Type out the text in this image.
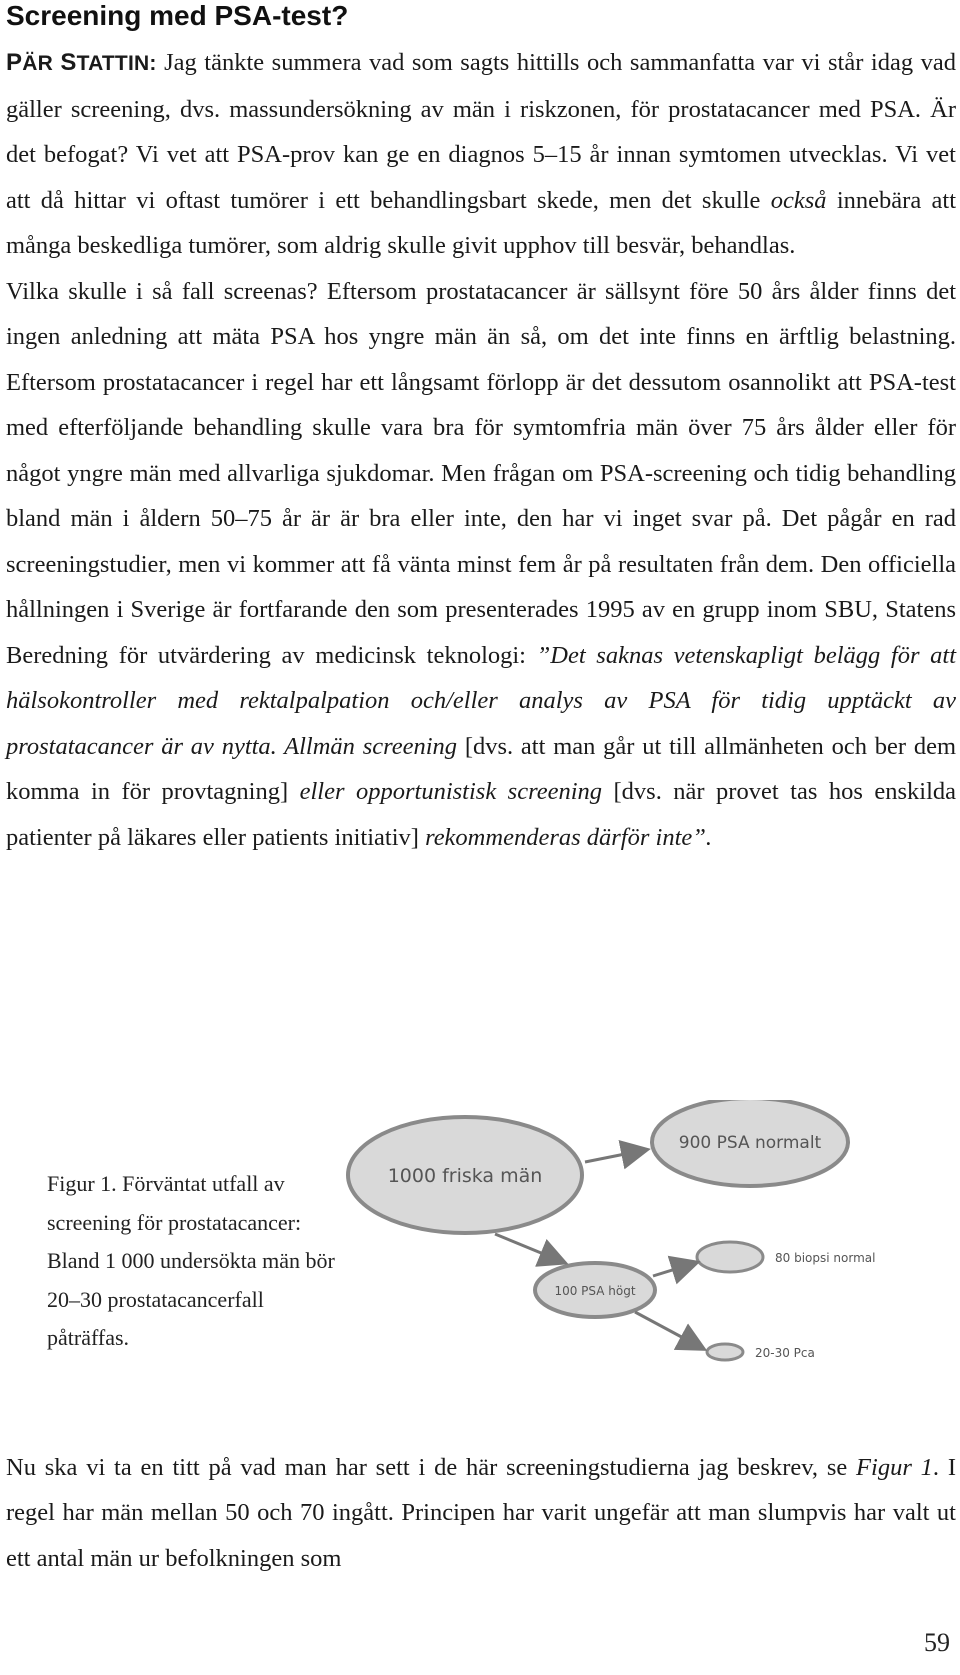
Screening med PSA-test?

PÄR STATTIN: Jag tänkte summera vad som sagts hittills och sammanfatta var vi står idag vad gäller screening, dvs. massundersökning av män i riskzonen, för prostatacancer med PSA. Är det befogat? Vi vet att PSA-prov kan ge en diagnos 5–15 år innan symtomen utvecklas. Vi vet att då hittar vi oftast tumörer i ett behandlingsbart skede, men det skulle också innebära att många beskedliga tumörer, som aldrig skulle givit upphov till besvär, behandlas.

Vilka skulle i så fall screenas? Eftersom prostatacancer är sällsynt före 50 års ålder finns det ingen anledning att mäta PSA hos yngre män än så, om det inte finns en ärftlig belastning. Eftersom prostatacancer i regel har ett långsamt förlopp är det dessutom osannolikt att PSA-test med efterföljande behandling skulle vara bra för symtomfria män över 75 års ålder eller för något yngre män med allvarliga sjukdomar. Men frågan om PSA-screening och tidig behandling bland män i åldern 50–75 år är är bra eller inte, den har vi inget svar på. Det pågår en rad screeningstudier, men vi kommer att få vänta minst fem år på resultaten från dem. Den officiella hållningen i Sverige är fortfarande den som presenterades 1995 av en grupp inom SBU, Statens Beredning för utvärdering av medicinsk teknologi: ”Det saknas vetenskapligt belägg för att hälsokontroller med rektalpalpation och/eller analys av PSA för tidig upptäckt av prostatacancer är av nytta. Allmän screening [dvs. att man går ut till allmänheten och ber dem komma in för provtagning] eller opportunistisk screening [dvs. när provet tas hos enskilda patienter på läkares eller patients initiativ] rekommenderas därför inte”.

Figur 1. Förväntat utfall av screening för prostatacancer: Bland 1 000 undersökta män bör 20–30 prostatacancerfall påträffas.
1000 friska män
900 PSA normalt
100 PSA högt
80 biopsi normal
20-30 Pca

Nu ska vi ta en titt på vad man har sett i de här screeningstudierna jag beskrev, se Figur 1. I regel har män mellan 50 och 70 ingått. Principen har varit ungefär att man slumpvis har valt ut ett antal män ur befolkningen som

59
